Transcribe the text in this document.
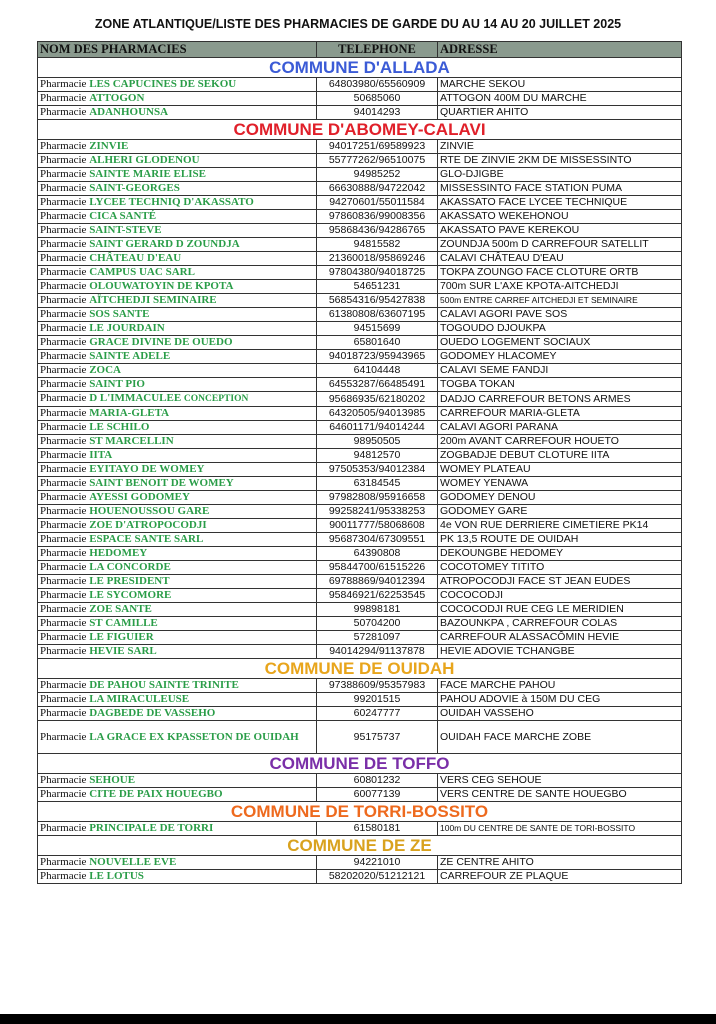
ZONE ATLANTIQUE/LISTE DES PHARMACIES DE GARDE DU AU 14 AU 20 JUILLET 2025
NOM DES PHARMACIES	TELEPHONE	ADRESSE
COMMUNE D'ALLADA		
Pharmacie LES CAPUCINES DE SEKOU	64803980/65560909	MARCHE SEKOU
Pharmacie ATTOGON	50685060	ATTOGON 400M DU MARCHE
Pharmacie ADANHOUNSA	94014293	QUARTIER AHITO
COMMUNE D'ABOMEY-CALAVI		
Pharmacie ZINVIE	94017251/69589923	ZINVIE
Pharmacie ALHERI GLODENOU	55777262/96510075	RTE DE ZINVIE 2KM DE MISSESSINTO
Pharmacie SAINTE MARIE ELISE	94985252	GLO-DJIGBE
Pharmacie SAINT-GEORGES	66630888/94722042	MISSESSINTO FACE STATION PUMA
Pharmacie LYCEE TECHNIQ D'AKASSATO	94270601/55011584	AKASSATO FACE LYCEE TECHNIQUE
Pharmacie CICA SANTÉ	97860836/99008356	AKASSATO WEKEHONOU
Pharmacie SAINT-STEVE	95868436/94286765	AKASSATO PAVE KEREKOU
Pharmacie SAINT GERARD D ZOUNDJA	94815582	ZOUNDJA 500m D CARREFOUR SATELLIT
Pharmacie CHÂTEAU D'EAU	21360018/95869246	CALAVI CHÂTEAU D'EAU
Pharmacie CAMPUS UAC SARL	97804380/94018725	TOKPA ZOUNGO FACE CLOTURE ORTB
Pharmacie OLOUWATOYIN DE KPOTA	54651231	700m SUR L'AXE KPOTA-AITCHEDJI
Pharmacie AÏTCHEDJI SEMINAIRE	56854316/95427838	500m ENTRE CARREF AITCHEDJI ET SEMINAIRE
Pharmacie SOS SANTE	61380808/63607195	CALAVI AGORI PAVE SOS
Pharmacie LE JOURDAIN	94515699	TOGOUDO DJOUKPA
Pharmacie GRACE DIVINE DE OUEDO	65801640	OUEDO LOGEMENT SOCIAUX
Pharmacie SAINTE ADELE	94018723/95943965	GODOMEY HLACOMEY
Pharmacie ZOCA	64104448	CALAVI SEME FANDJI
Pharmacie SAINT PIO	64553287/66485491	TOGBA TOKAN
Pharmacie D L'IMMACULEE CONCEPTION	95686935/62180202	DADJO CARREFOUR BETONS ARMES
Pharmacie MARIA-GLETA	64320505/94013985	CARREFOUR MARIA-GLETA
Pharmacie LE SCHILO	64601171/94014244	CALAVI AGORI PARANA
Pharmacie ST MARCELLIN	98950505	200m AVANT CARREFOUR HOUETO
Pharmacie IITA	94812570	ZOGBADJE DEBUT CLOTURE IITA
Pharmacie EYITAYO DE WOMEY	97505353/94012384	WOMEY PLATEAU
Pharmacie SAINT BENOIT DE WOMEY	63184545	WOMEY YENAWA
Pharmacie AYESSI GODOMEY	97982808/95916658	GODOMEY DENOU
Pharmacie HOUENOUSSOU GARE	99258241/95338253	GODOMEY GARE
Pharmacie ZOE D'ATROPOCODJI	90011777/58068608	4e VON RUE DERRIERE CIMETIERE PK14
Pharmacie ESPACE SANTE SARL	95687304/67309551	PK 13,5 ROUTE DE OUIDAH
Pharmacie HEDOMEY	64390808	DEKOUNGBE HEDOMEY
Pharmacie LA CONCORDE	95844700/61515226	COCOTOMEY TITITO
Pharmacie LE PRESIDENT	69788869/94012394	ATROPOCODJI FACE ST JEAN EUDES
Pharmacie LE SYCOMORE	95846921/62253545	COCOCODJI
Pharmacie ZOE SANTE	99898181	COCOCODJI RUE CEG LE MERIDIEN
Pharmacie ST CAMILLE	50704200	BAZOUNKPA , CARREFOUR COLAS
Pharmacie LE FIGUIER	57281097	CARREFOUR ALASSACÔMIN HEVIE
Pharmacie HEVIE SARL	94014294/91137878	HEVIE ADOVIE TCHANGBE
COMMUNE DE OUIDAH		
Pharmacie DE PAHOU SAINTE TRINITE	97388609/95357983	FACE MARCHE PAHOU
Pharmacie LA MIRACULEUSE	99201515	PAHOU ADOVIE à 150M DU CEG
Pharmacie DAGBEDE DE VASSEHO	60247777	OUIDAH VASSEHO
Pharmacie LA GRACE EX KPASSETON DE OUIDAH	95175737	OUIDAH FACE MARCHE ZOBE
COMMUNE DE TOFFO		
Pharmacie SEHOUE	60801232	VERS CEG SEHOUE
Pharmacie CITE DE PAIX HOUEGBO	60077139	VERS CENTRE DE SANTE HOUEGBO
COMMUNE DE TORRI-BOSSITO		
Pharmacie PRINCIPALE DE TORRI	61580181	100m DU CENTRE DE SANTE DE TORI-BOSSITO
COMMUNE DE ZE		
Pharmacie NOUVELLE EVE	94221010	ZE CENTRE AHITO
Pharmacie LE LOTUS	58202020/51212121	CARREFOUR ZE PLAQUE
